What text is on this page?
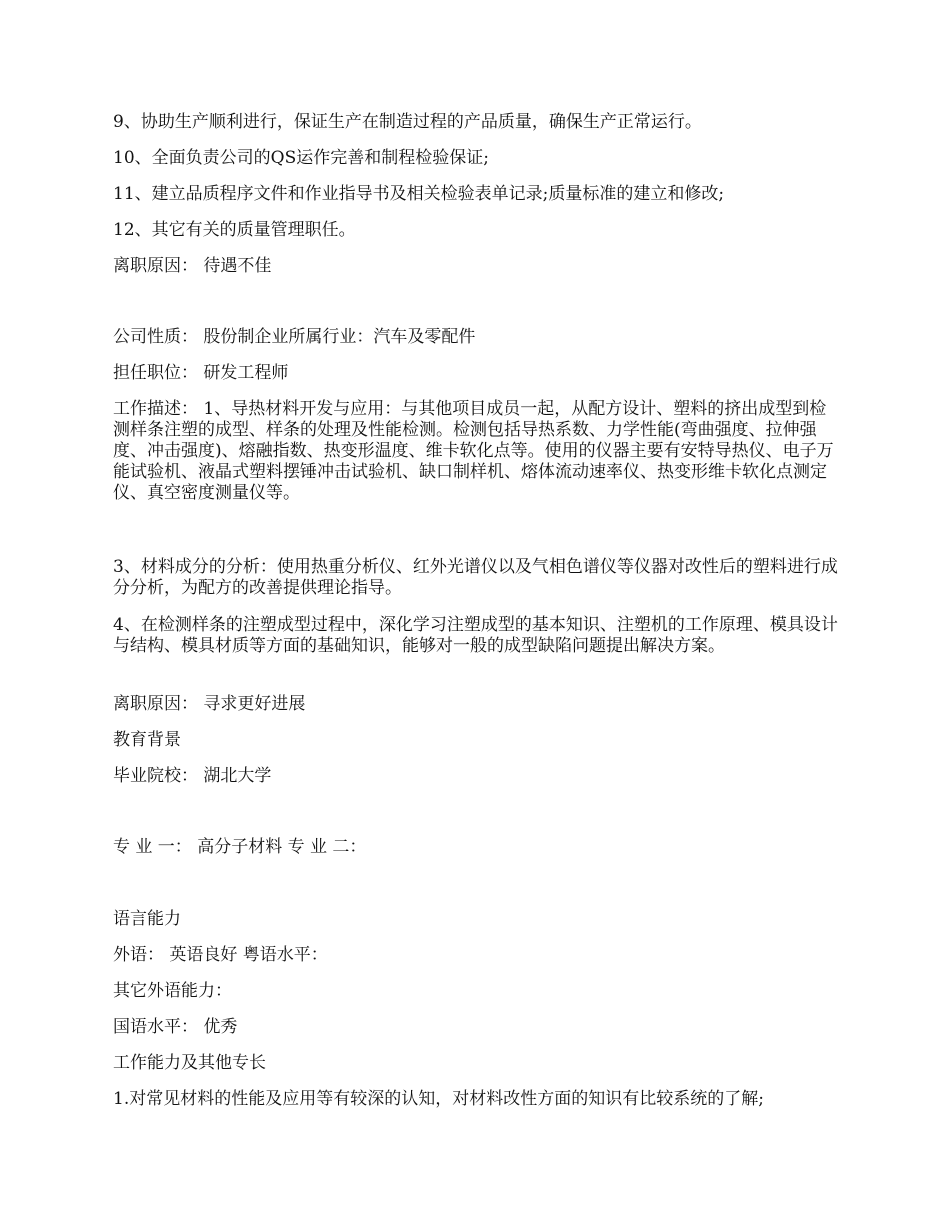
9、协助生产顺利进行，保证生产在制造过程的产品质量，确保生产正常运行。
10、全面负责公司的QS运作完善和制程检验保证;
11、建立品质程序文件和作业指导书及相关检验表单记录;质量标准的建立和修改;
12、其它有关的质量管理职任。
离职原因： 待遇不佳
公司性质： 股份制企业所属行业：汽车及零配件
担任职位： 研发工程师
工作描述： 1、导热材料开发与应用：与其他项目成员一起，从配方设计、塑料的挤出成型到检测样条注塑的成型、样条的处理及性能检测。检测包括导热系数、力学性能(弯曲强度、拉伸强度、冲击强度)、熔融指数、热变形温度、维卡软化点等。使用的仪器主要有安特导热仪、电子万能试验机、液晶式塑料摆锤冲击试验机、缺口制样机、熔体流动速率仪、热变形维卡软化点测定仪、真空密度测量仪等。
3、材料成分的分析：使用热重分析仪、红外光谱仪以及气相色谱仪等仪器对改性后的塑料进行成分分析，为配方的改善提供理论指导。
4、在检测样条的注塑成型过程中，深化学习注塑成型的基本知识、注塑机的工作原理、模具设计与结构、模具材质等方面的基础知识，能够对一般的成型缺陷问题提出解决方案。
离职原因： 寻求更好进展
教育背景
毕业院校： 湖北大学
专 业 一： 高分子材料 专 业 二：
语言能力
外语： 英语良好 粤语水平：
其它外语能力：
国语水平： 优秀
工作能力及其他专长
1.对常见材料的性能及应用等有较深的认知，对材料改性方面的知识有比较系统的了解;
